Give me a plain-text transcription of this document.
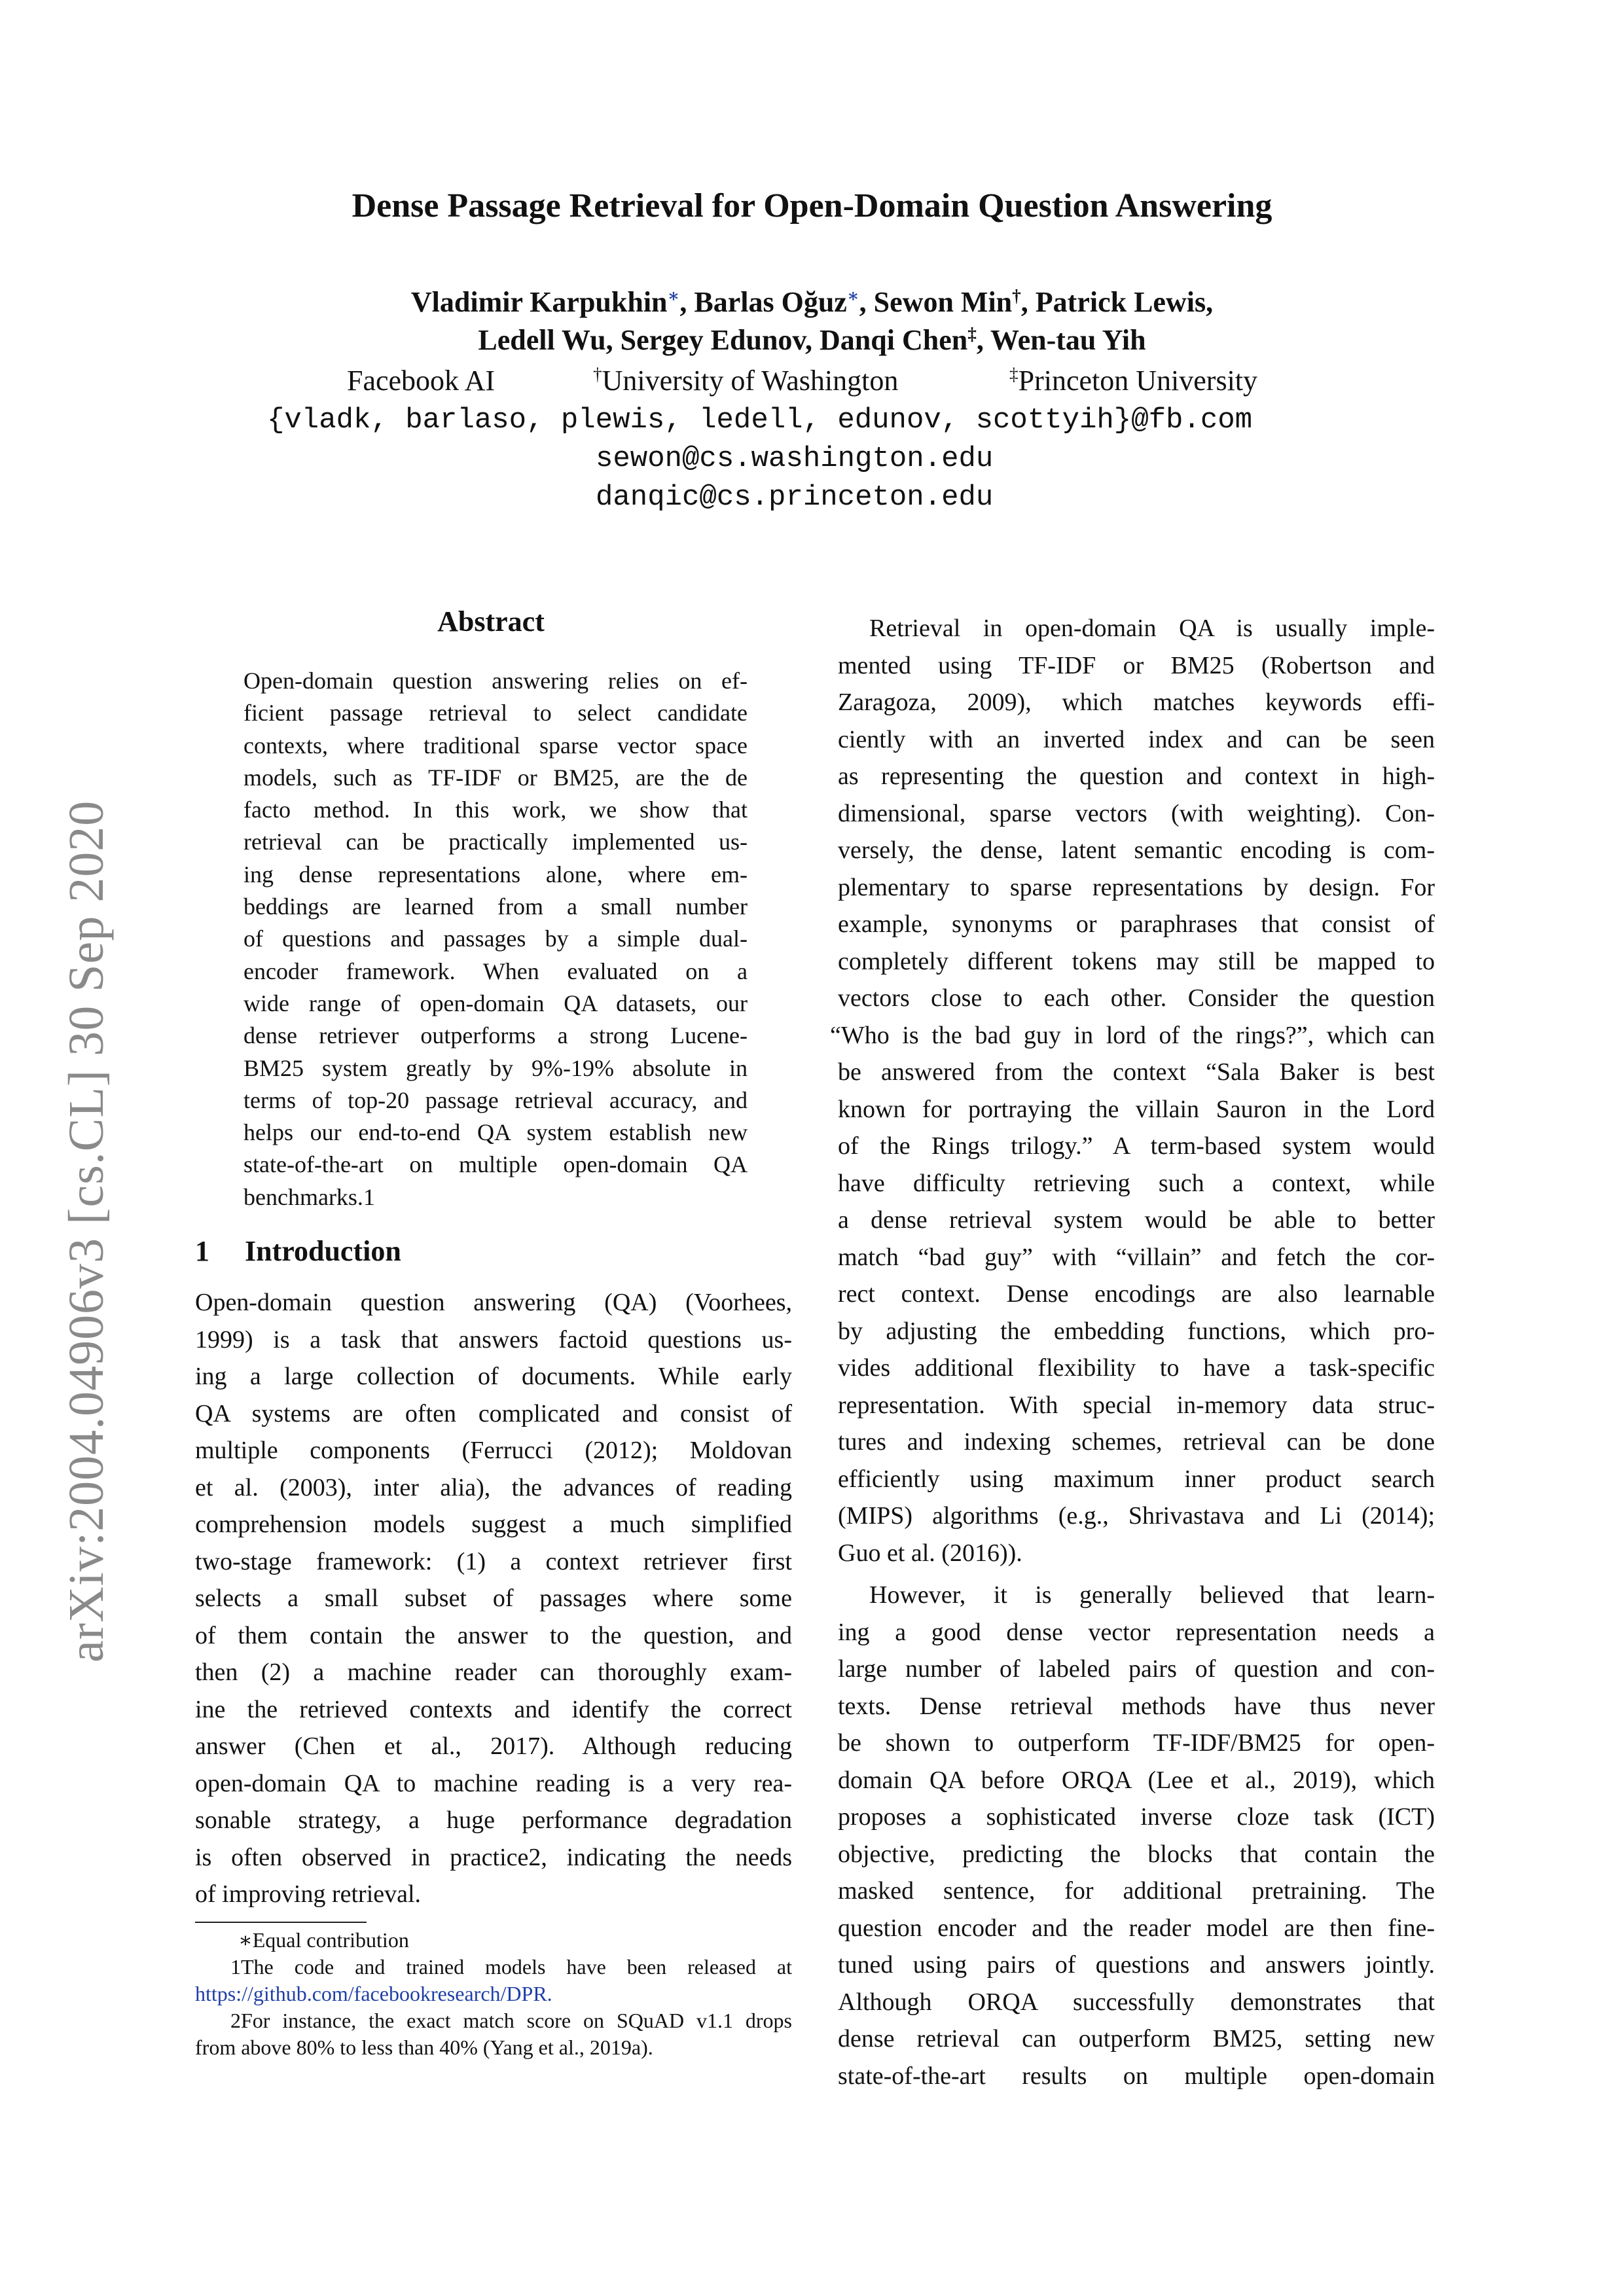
Dense Passage Retrieval for Open-Domain Question Answering
Vladimir Karpukhin∗, Barlas Oğuz∗, Sewon Min†, Patrick Lewis,
Ledell Wu, Sergey Edunov, Danqi Chen‡, Wen-tau Yih
Facebook AI	†University of Washington	‡Princeton University
{vladk, barlaso, plewis, ledell, edunov, scottyih}@fb.com
sewon@cs.washington.edu
danqic@cs.princeton.edu
arXiv:2004.04906v3 [cs.CL] 30 Sep 2020
Abstract
Open-domain question answering relies on ef-
ficient passage retrieval to select candidate
contexts, where traditional sparse vector space
models, such as TF-IDF or BM25, are the de
facto method. In this work, we show that
retrieval can be practically implemented us-
ing dense representations alone, where em-
beddings are learned from a small number
of questions and passages by a simple dual-
encoder framework. When evaluated on a
wide range of open-domain QA datasets, our
dense retriever outperforms a strong Lucene-
BM25 system greatly by 9%-19% absolute in
terms of top-20 passage retrieval accuracy, and
helps our end-to-end QA system establish new
state-of-the-art on multiple open-domain QA
benchmarks.1
1 Introduction
Open-domain question answering (QA) (Voorhees,
1999) is a task that answers factoid questions us-
ing a large collection of documents. While early
QA systems are often complicated and consist of
multiple components (Ferrucci (2012); Moldovan
et al. (2003), inter alia), the advances of reading
comprehension models suggest a much simplified
two-stage framework: (1) a context retriever first
selects a small subset of passages where some
of them contain the answer to the question, and
then (2) a machine reader can thoroughly exam-
ine the retrieved contexts and identify the correct
answer (Chen et al., 2017). Although reducing
open-domain QA to machine reading is a very rea-
sonable strategy, a huge performance degradation
is often observed in practice2, indicating the needs
of improving retrieval.
∗Equal contribution
1The code and trained models have been released at
https://github.com/facebookresearch/DPR.
2For instance, the exact match score on SQuAD v1.1 drops
from above 80% to less than 40% (Yang et al., 2019a).
Retrieval in open-domain QA is usually imple-
mented using TF-IDF or BM25 (Robertson and
Zaragoza, 2009), which matches keywords effi-
ciently with an inverted index and can be seen
as representing the question and context in high-
dimensional, sparse vectors (with weighting). Con-
versely, the dense, latent semantic encoding is com-
plementary to sparse representations by design. For
example, synonyms or paraphrases that consist of
completely different tokens may still be mapped to
vectors close to each other. Consider the question
“Who is the bad guy in lord of the rings?”, which can
be answered from the context “Sala Baker is best
known for portraying the villain Sauron in the Lord
of the Rings trilogy.” A term-based system would
have difficulty retrieving such a context, while
a dense retrieval system would be able to better
match “bad guy” with “villain” and fetch the cor-
rect context. Dense encodings are also learnable
by adjusting the embedding functions, which pro-
vides additional flexibility to have a task-specific
representation. With special in-memory data struc-
tures and indexing schemes, retrieval can be done
efficiently using maximum inner product search
(MIPS) algorithms (e.g., Shrivastava and Li (2014);
Guo et al. (2016)).
However, it is generally believed that learn-
ing a good dense vector representation needs a
large number of labeled pairs of question and con-
texts. Dense retrieval methods have thus never
be shown to outperform TF-IDF/BM25 for open-
domain QA before ORQA (Lee et al., 2019), which
proposes a sophisticated inverse cloze task (ICT)
objective, predicting the blocks that contain the
masked sentence, for additional pretraining. The
question encoder and the reader model are then fine-
tuned using pairs of questions and answers jointly.
Although ORQA successfully demonstrates that
dense retrieval can outperform BM25, setting new
state-of-the-art results on multiple open-domain
